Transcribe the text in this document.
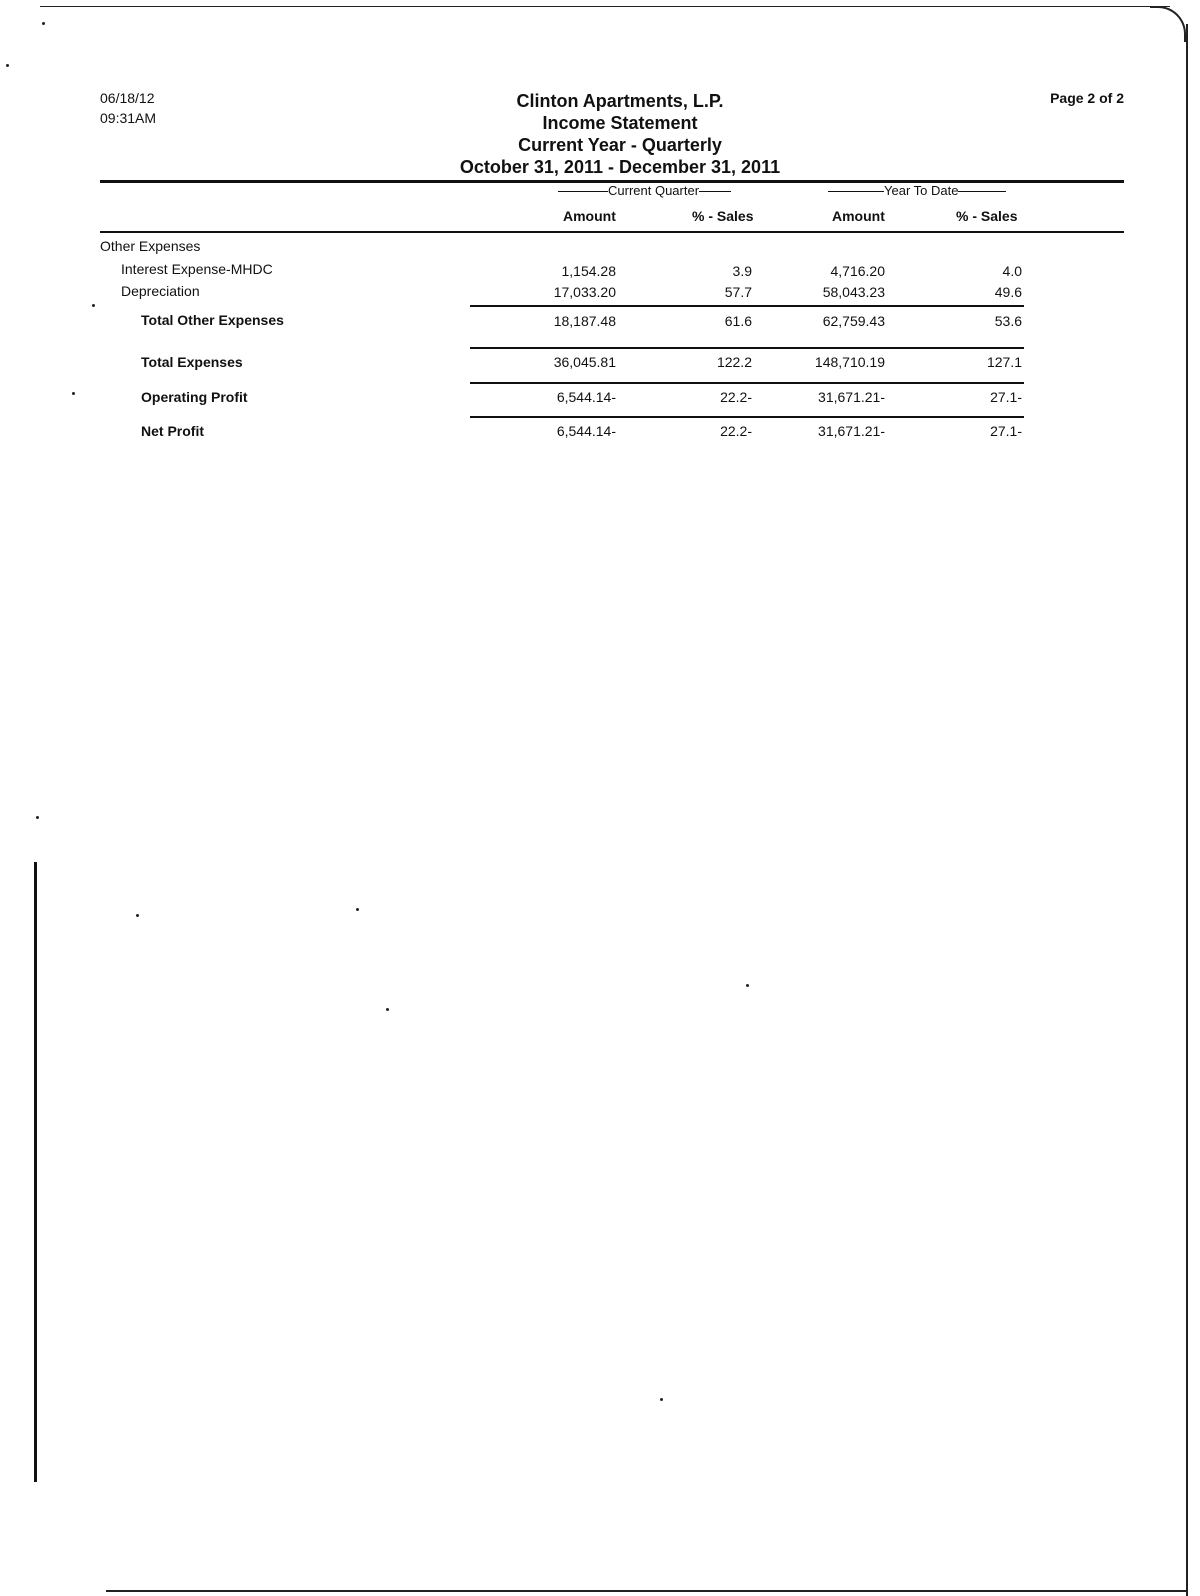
06/18/12
09:31AM
Page 2 of 2
Clinton Apartments, L.P.
Income Statement
Current Year - Quarterly
October 31, 2011 - December 31, 2011
Current Quarter	Year To Date
Amount	% - Sales	Amount	% - Sales
Other Expenses
Interest Expense-MHDC	1,154.28	3.9	4,716.20	4.0
Depreciation	17,033.20	57.7	58,043.23	49.6
Total Other Expenses	18,187.48	61.6	62,759.43	53.6
Total Expenses	36,045.81	122.2	148,710.19	127.1
Operating Profit	6,544.14-	22.2-	31,671.21-	27.1-
Net Profit	6,544.14-	22.2-	31,671.21-	27.1-
